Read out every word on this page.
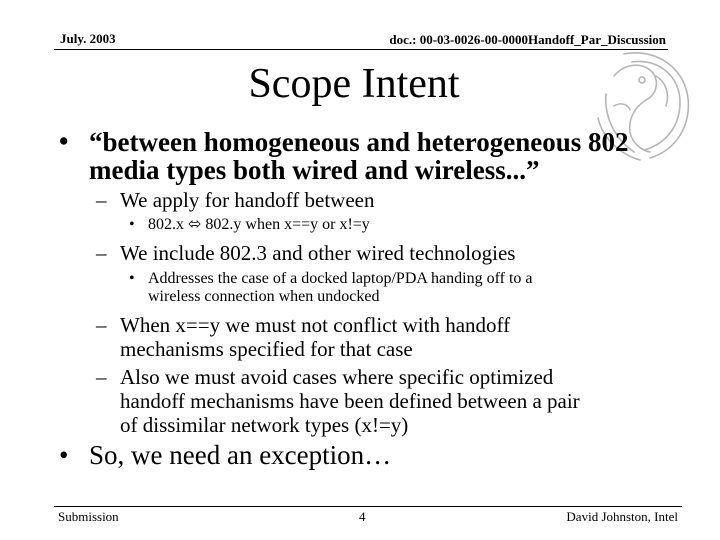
July. 2003	doc.: 00-03-0026-00-0000Handoff_Par_Discussion
Scope Intent
• “between homogeneous and heterogeneous 802
media types both wired and wireless...”
– We apply for handoff between
• 802.x ⬄ 802.y when x==y or x!=y
– We include 802.3 and other wired technologies
• Addresses the case of a docked laptop/PDA handing off to a
wireless connection when undocked
– When x==y we must not conflict with handoff
mechanisms specified for that case
– Also we must avoid cases where specific optimized
handoff mechanisms have been defined between a pair
of dissimilar network types (x!=y)
• So, we need an exception…
Submission	4	David Johnston, Intel
